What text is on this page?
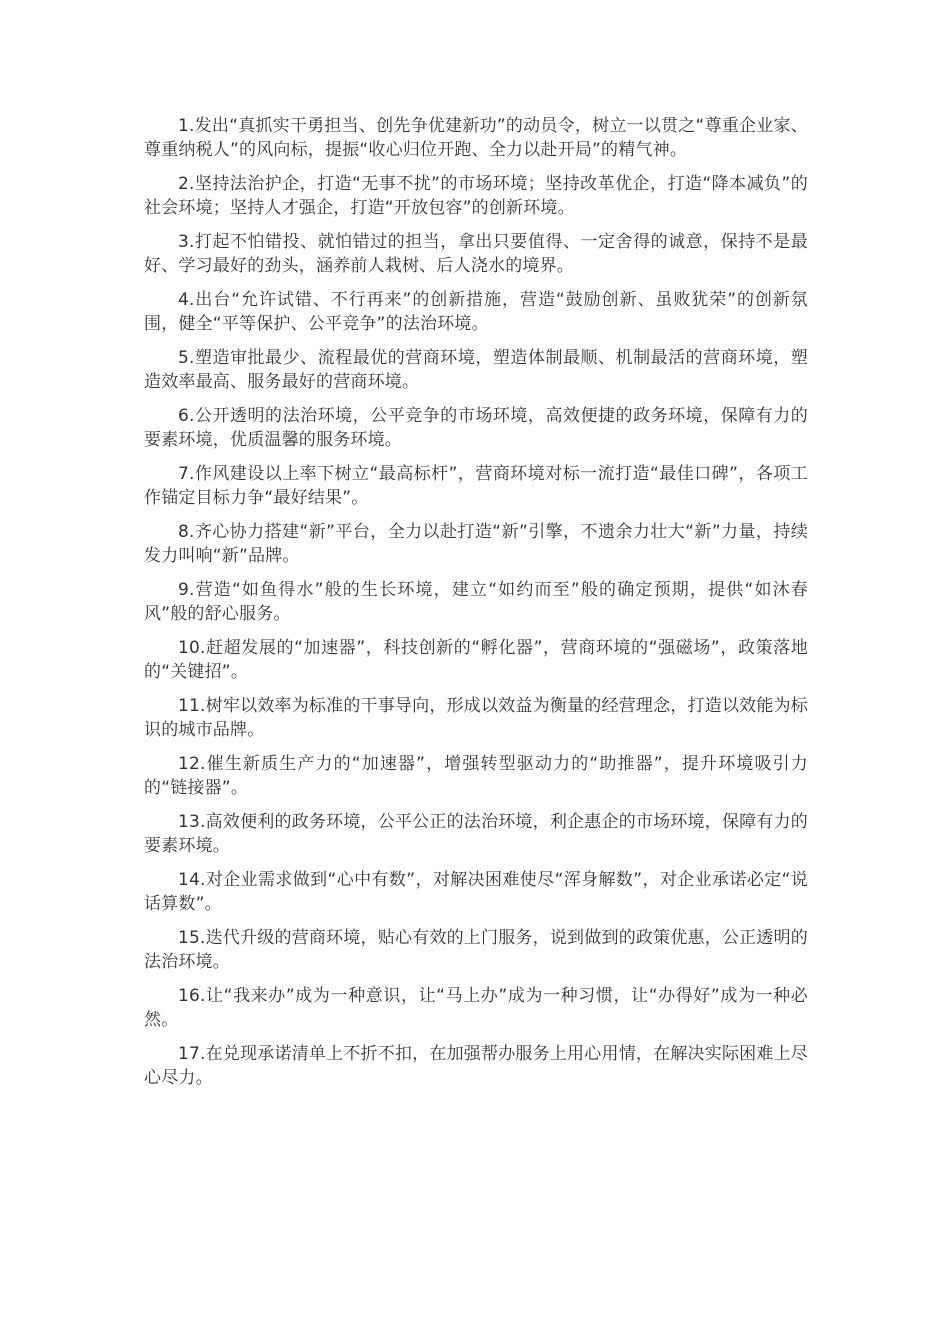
1.发出“真抓实干勇担当、创先争优建新功”的动员令，树立一以贯之“尊重企业家、尊重纳税人”的风向标，提振“收心归位开跑、全力以赴开局”的精气神。

2.坚持法治护企，打造“无事不扰”的市场环境；坚持改革优企，打造“降本减负”的社会环境；坚持人才强企，打造“开放包容”的创新环境。

3.打起不怕错投、就怕错过的担当，拿出只要值得、一定舍得的诚意，保持不是最好、学习最好的劲头，涵养前人栽树、后人浇水的境界。

4.出台“允许试错、不行再来”的创新措施，营造“鼓励创新、虽败犹荣”的创新氛围，健全“平等保护、公平竞争”的法治环境。

5.塑造审批最少、流程最优的营商环境，塑造体制最顺、机制最活的营商环境，塑造效率最高、服务最好的营商环境。

6.公开透明的法治环境，公平竞争的市场环境，高效便捷的政务环境，保障有力的要素环境，优质温馨的服务环境。

7.作风建设以上率下树立“最高标杆”，营商环境对标一流打造“最佳口碑”，各项工作锚定目标力争“最好结果”。

8.齐心协力搭建“新”平台，全力以赴打造“新”引擎，不遗余力壮大“新”力量，持续发力叫响“新”品牌。

9.营造“如鱼得水”般的生长环境，建立“如约而至”般的确定预期，提供“如沐春风”般的舒心服务。

10.赶超发展的“加速器”，科技创新的“孵化器”，营商环境的“强磁场”，政策落地的“关键招”。

11.树牢以效率为标准的干事导向，形成以效益为衡量的经营理念，打造以效能为标识的城市品牌。

12.催生新质生产力的“加速器”，增强转型驱动力的“助推器”，提升环境吸引力的“链接器”。

13.高效便利的政务环境，公平公正的法治环境，利企惠企的市场环境，保障有力的要素环境。

14.对企业需求做到“心中有数”，对解决困难使尽“浑身解数”，对企业承诺必定“说话算数”。

15.迭代升级的营商环境，贴心有效的上门服务，说到做到的政策优惠，公正透明的法治环境。

16.让“我来办”成为一种意识，让“马上办”成为一种习惯，让“办得好”成为一种必然。

17.在兑现承诺清单上不折不扣，在加强帮办服务上用心用情，在解决实际困难上尽心尽力。
